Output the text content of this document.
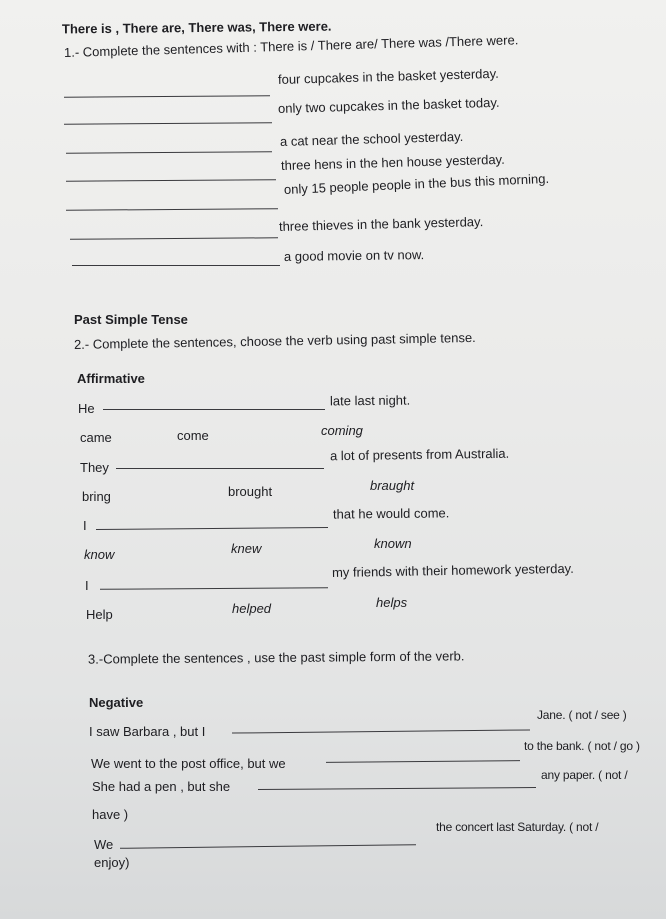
There is , There are, There was, There were.
1.- Complete the sentences with : There is / There are/ There was /There were.
four cupcakes in the basket yesterday.
only two cupcakes in the basket today.
a cat near the school yesterday.
three hens in the hen house yesterday.
only 15 people people in the bus this morning.
three thieves in the bank yesterday.
a good movie on tv now.
Past Simple Tense
2.- Complete the sentences, choose the verb using past simple tense.
Affirmative
He
late last night.
came	come	coming
They
a lot of presents from Australia.
bring	brought	braught
I
that he would come.
know	knew	known
I
my friends with their homework yesterday.
Help	helped	helps
3.-Complete the sentences , use the past simple form of the verb.
Negative
I saw Barbara , but I
Jane. ( not / see )
We went to the post office, but we
to the bank. ( not / go )
She had a pen , but she
any paper. ( not /
have )
We
the concert last Saturday. ( not /
enjoy)
